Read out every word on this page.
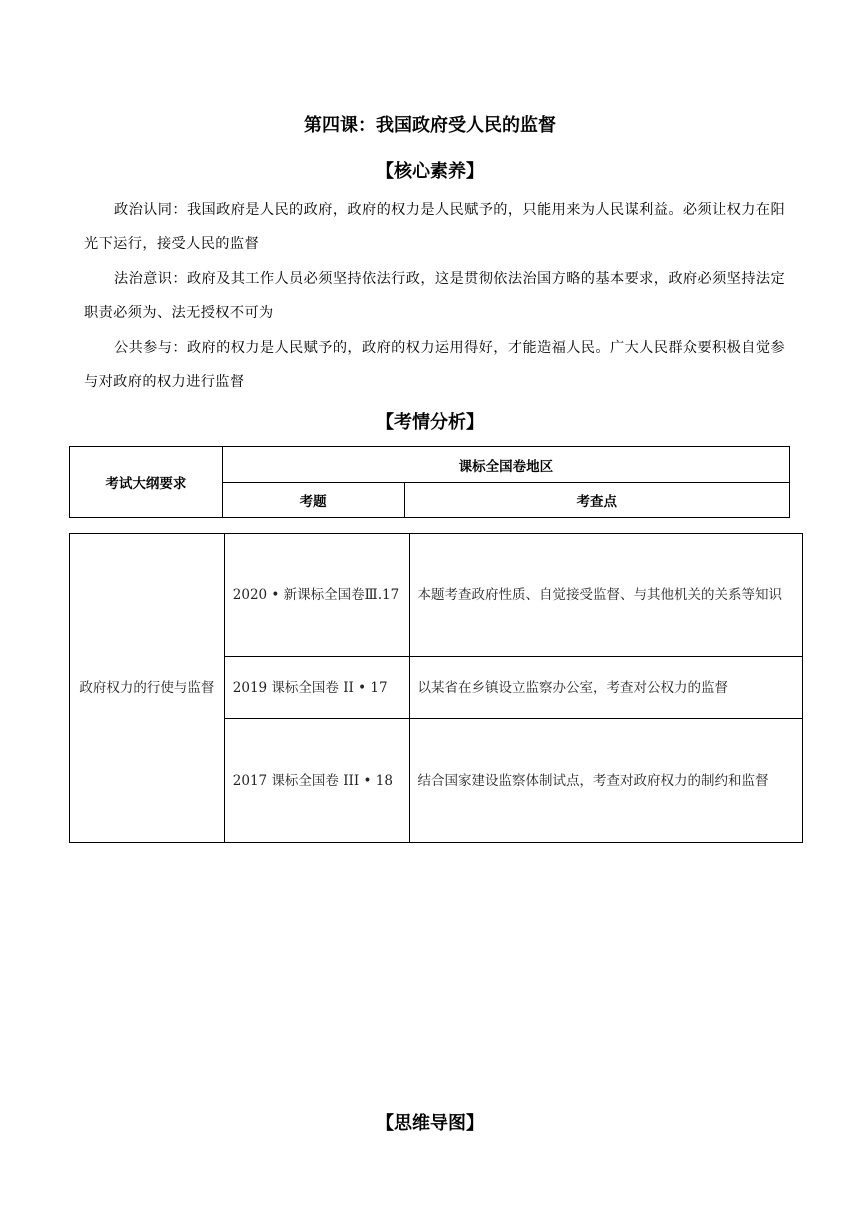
第四课：我国政府受人民的监督
【核心素养】
政治认同：我国政府是人民的政府，政府的权力是人民赋予的，只能用来为人民谋利益。必须让权力在阳光下运行，接受人民的监督
法治意识：政府及其工作人员必须坚持依法行政，这是贯彻依法治国方略的基本要求，政府必须坚持法定职责必须为、法无授权不可为
公共参与：政府的权力是人民赋予的，政府的权力运用得好，才能造福人民。广大人民群众要积极自觉参与对政府的权力进行监督
【考情分析】
考试大纲要求	课标全国卷地区	
	考题	考查点
政府权力的行使与监督	2020 • 新课标全国卷Ⅲ.17	本题考查政府性质、自觉接受监督、与其他机关的关系等知识

	2019 课标全国卷 II • 17	以某省在乡镇设立监察办公室，考查对公权力的监督

	2017 课标全国卷 III • 18	结合国家建设监察体制试点，考查对政府权力的制约和监督
【思维导图】
